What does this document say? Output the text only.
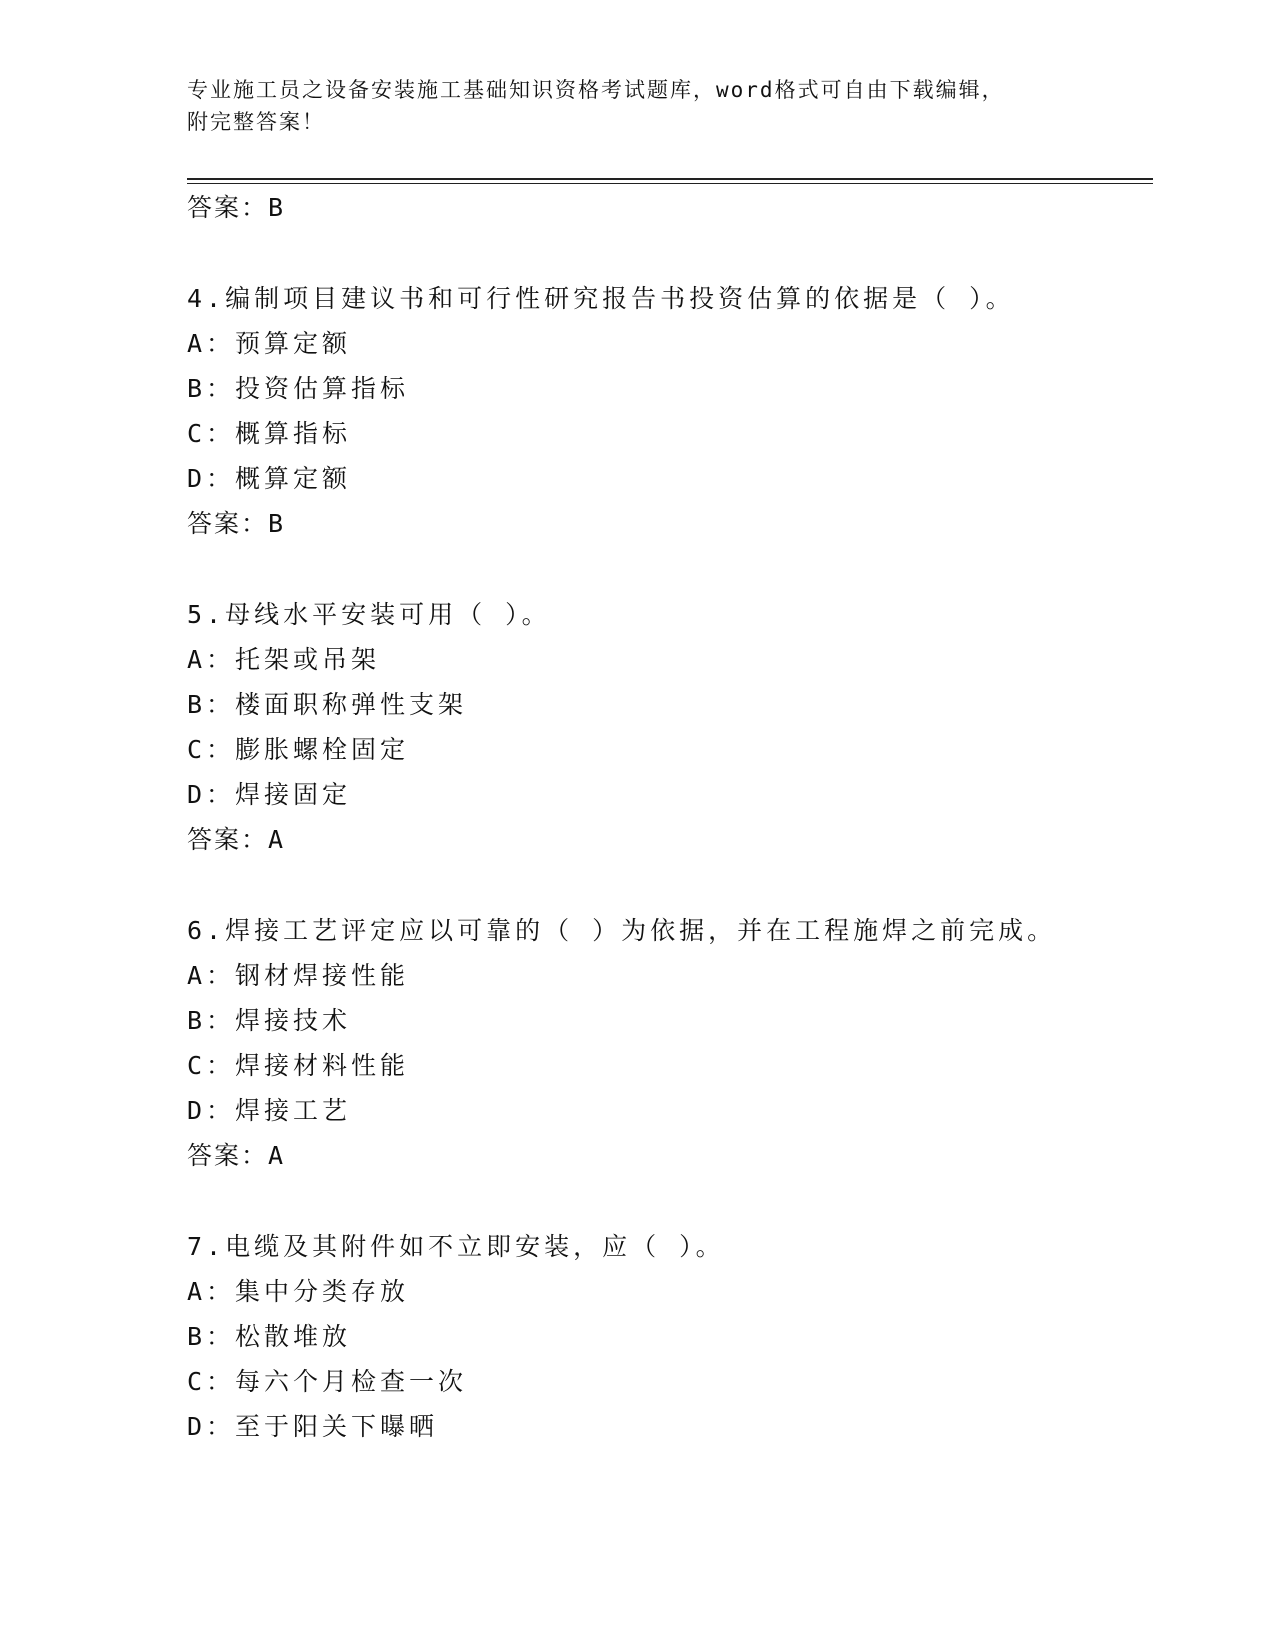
专业施工员之设备安装施工基础知识资格考试题库，word格式可自由下载编辑，
附完整答案！
答案：B
4.编制项目建议书和可行性研究报告书投资估算的依据是（ ）。
A：预算定额
B：投资估算指标
C：概算指标
D：概算定额
答案：B
5.母线水平安装可用（ ）。
A：托架或吊架
B：楼面职称弹性支架
C：膨胀螺栓固定
D：焊接固定
答案：A
6.焊接工艺评定应以可靠的（ ）为依据，并在工程施焊之前完成。
A：钢材焊接性能
B：焊接技术
C：焊接材料性能
D：焊接工艺
答案：A
7.电缆及其附件如不立即安装，应（ ）。
A：集中分类存放
B：松散堆放
C：每六个月检查一次
D：至于阳关下曝晒
